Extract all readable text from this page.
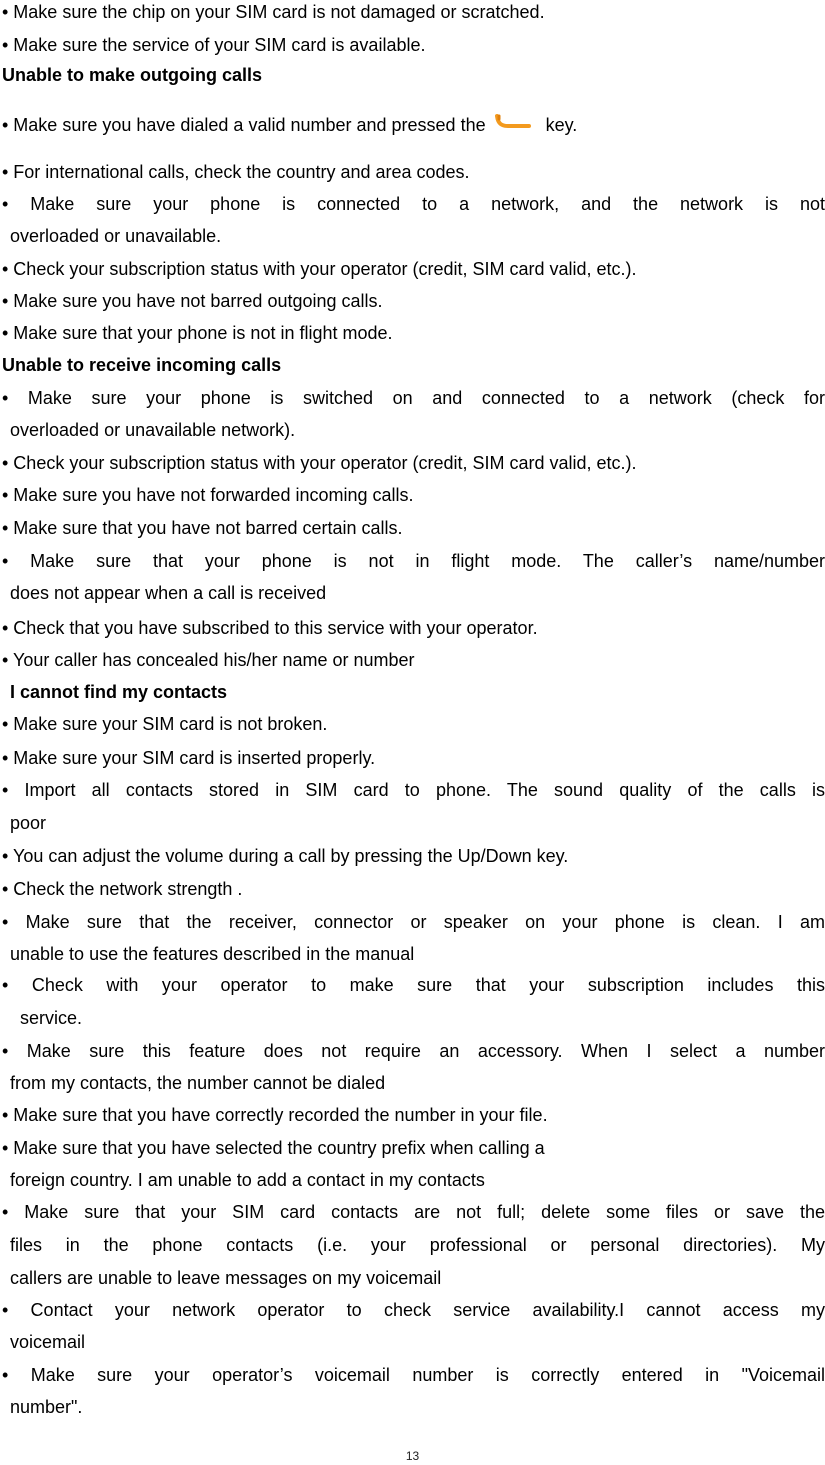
• Make sure the chip on your SIM card is not damaged or scratched.
• Make sure the service of your SIM card is available.
Unable to make outgoing calls
• Make sure you have dialed a valid number and pressed the	key.
• For international calls, check the country and area codes.
• Make sure your phone is connected to a network, and the network is not
overloaded or unavailable.
• Check your subscription status with your operator (credit, SIM card valid, etc.).
• Make sure you have not barred outgoing calls.
• Make sure that your phone is not in flight mode.
Unable to receive incoming calls
• Make sure your phone is switched on and connected to a network (check for
overloaded or unavailable network).
• Check your subscription status with your operator (credit, SIM card valid, etc.).
• Make sure you have not forwarded incoming calls.
• Make sure that you have not barred certain calls.
• Make sure that your phone is not in flight mode. The caller’s name/number
does not appear when a call is received
• Check that you have subscribed to this service with your operator.
• Your caller has concealed his/her name or number
I cannot find my contacts
• Make sure your SIM card is not broken.
• Make sure your SIM card is inserted properly.
• Import all contacts stored in SIM card to phone. The sound quality of the calls is
poor
• You can adjust the volume during a call by pressing the Up/Down key.
• Check the network strength .
• Make sure that the receiver, connector or speaker on your phone is clean. I am
unable to use the features described in the manual
• Check with your operator to make sure that your subscription includes this
service.
• Make sure this feature does not require an accessory. When I select a number
from my contacts, the number cannot be dialed
• Make sure that you have correctly recorded the number in your file.
• Make sure that you have selected the country prefix when calling a
foreign country. I am unable to add a contact in my contacts
• Make sure that your SIM card contacts are not full; delete some files or save the
files in the phone contacts (i.e. your professional or personal directories). My
callers are unable to leave messages on my voicemail
• Contact your network operator to check service availability.I cannot access my
voicemail
• Make sure your operator’s voicemail number is correctly entered in "Voicemail
number".
13
